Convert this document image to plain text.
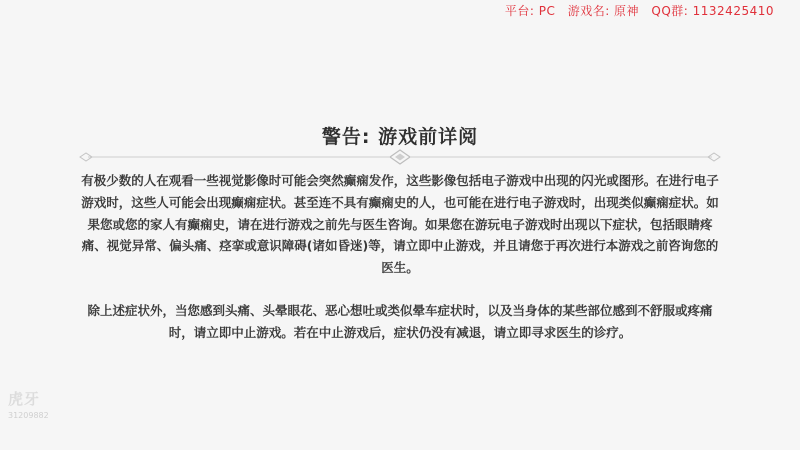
平台: PC 游戏名: 原神 QQ群: 1132425410
警告: 游戏前详阅

有极少数的人在观看一些视觉影像时可能会突然癫痫发作，这些影像包括电子游戏中出现的闪光或图形。在进行电子游戏时，这些人可能会出现癫痫症状。甚至连不具有癫痫史的人，也可能在进行电子游戏时，出现类似癫痫症状。如果您或您的家人有癫痫史，请在进行游戏之前先与医生咨询。如果您在游玩电子游戏时出现以下症状，包括眼睛疼痛、视觉异常、偏头痛、痉挛或意识障碍(诸如昏迷)等，请立即中止游戏，并且请您于再次进行本游戏之前咨询您的医生。

除上述症状外，当您感到头痛、头晕眼花、恶心想吐或类似晕车症状时，以及当身体的某些部位感到不舒服或疼痛时，请立即中止游戏。若在中止游戏后，症状仍没有减退，请立即寻求医生的诊疗。

虎牙
31209882
